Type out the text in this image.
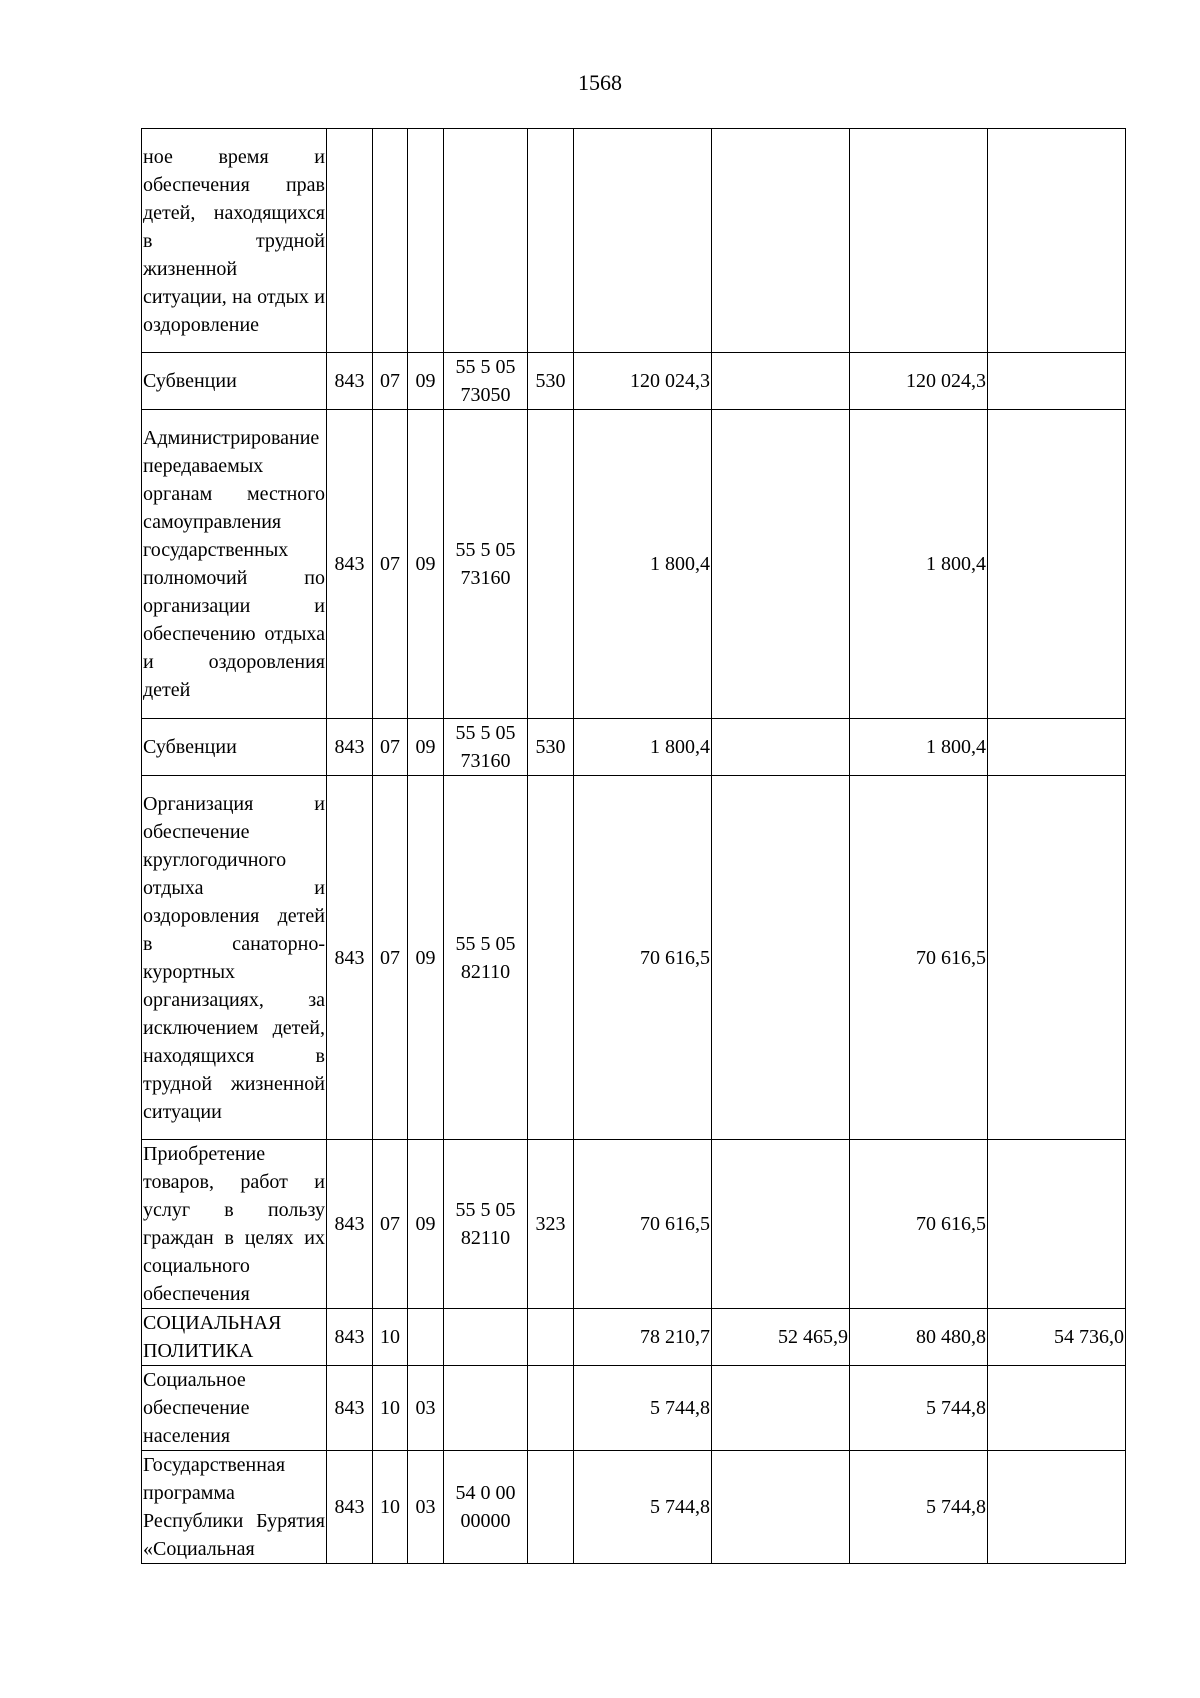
1568
ное время и обеспечения прав детей, находящихся в трудной жизненной ситуации, на отдых и оздоровление									
Субвенции	843	07	09	55 5 05 73050	530	120 024,3		120 024,3	
Администрирование передаваемых органам местного самоуправления государственных полномочий по организации и обеспечению отдыха и оздоровления детей	843	07	09	55 5 05 73160		1 800,4		1 800,4	
Субвенции	843	07	09	55 5 05 73160	530	1 800,4		1 800,4	
Организация и обеспечение круглогодичного отдыха и оздоровления детей в санаторно-курортных организациях, за исключением детей, находящихся в трудной жизненной ситуации	843	07	09	55 5 05 82110		70 616,5		70 616,5	
Приобретение товаров, работ и услуг в пользу граждан в целях их социального обеспечения	843	07	09	55 5 05 82110	323	70 616,5		70 616,5	
СОЦИАЛЬНАЯ ПОЛИТИКА	843	10				78 210,7	52 465,9	80 480,8	54 736,0
Социальное обеспечение населения	843	10	03			5 744,8		5 744,8	
Государственная программа Республики Бурятия «Социальная	843	10	03	54 0 00 00000		5 744,8		5 744,8	
